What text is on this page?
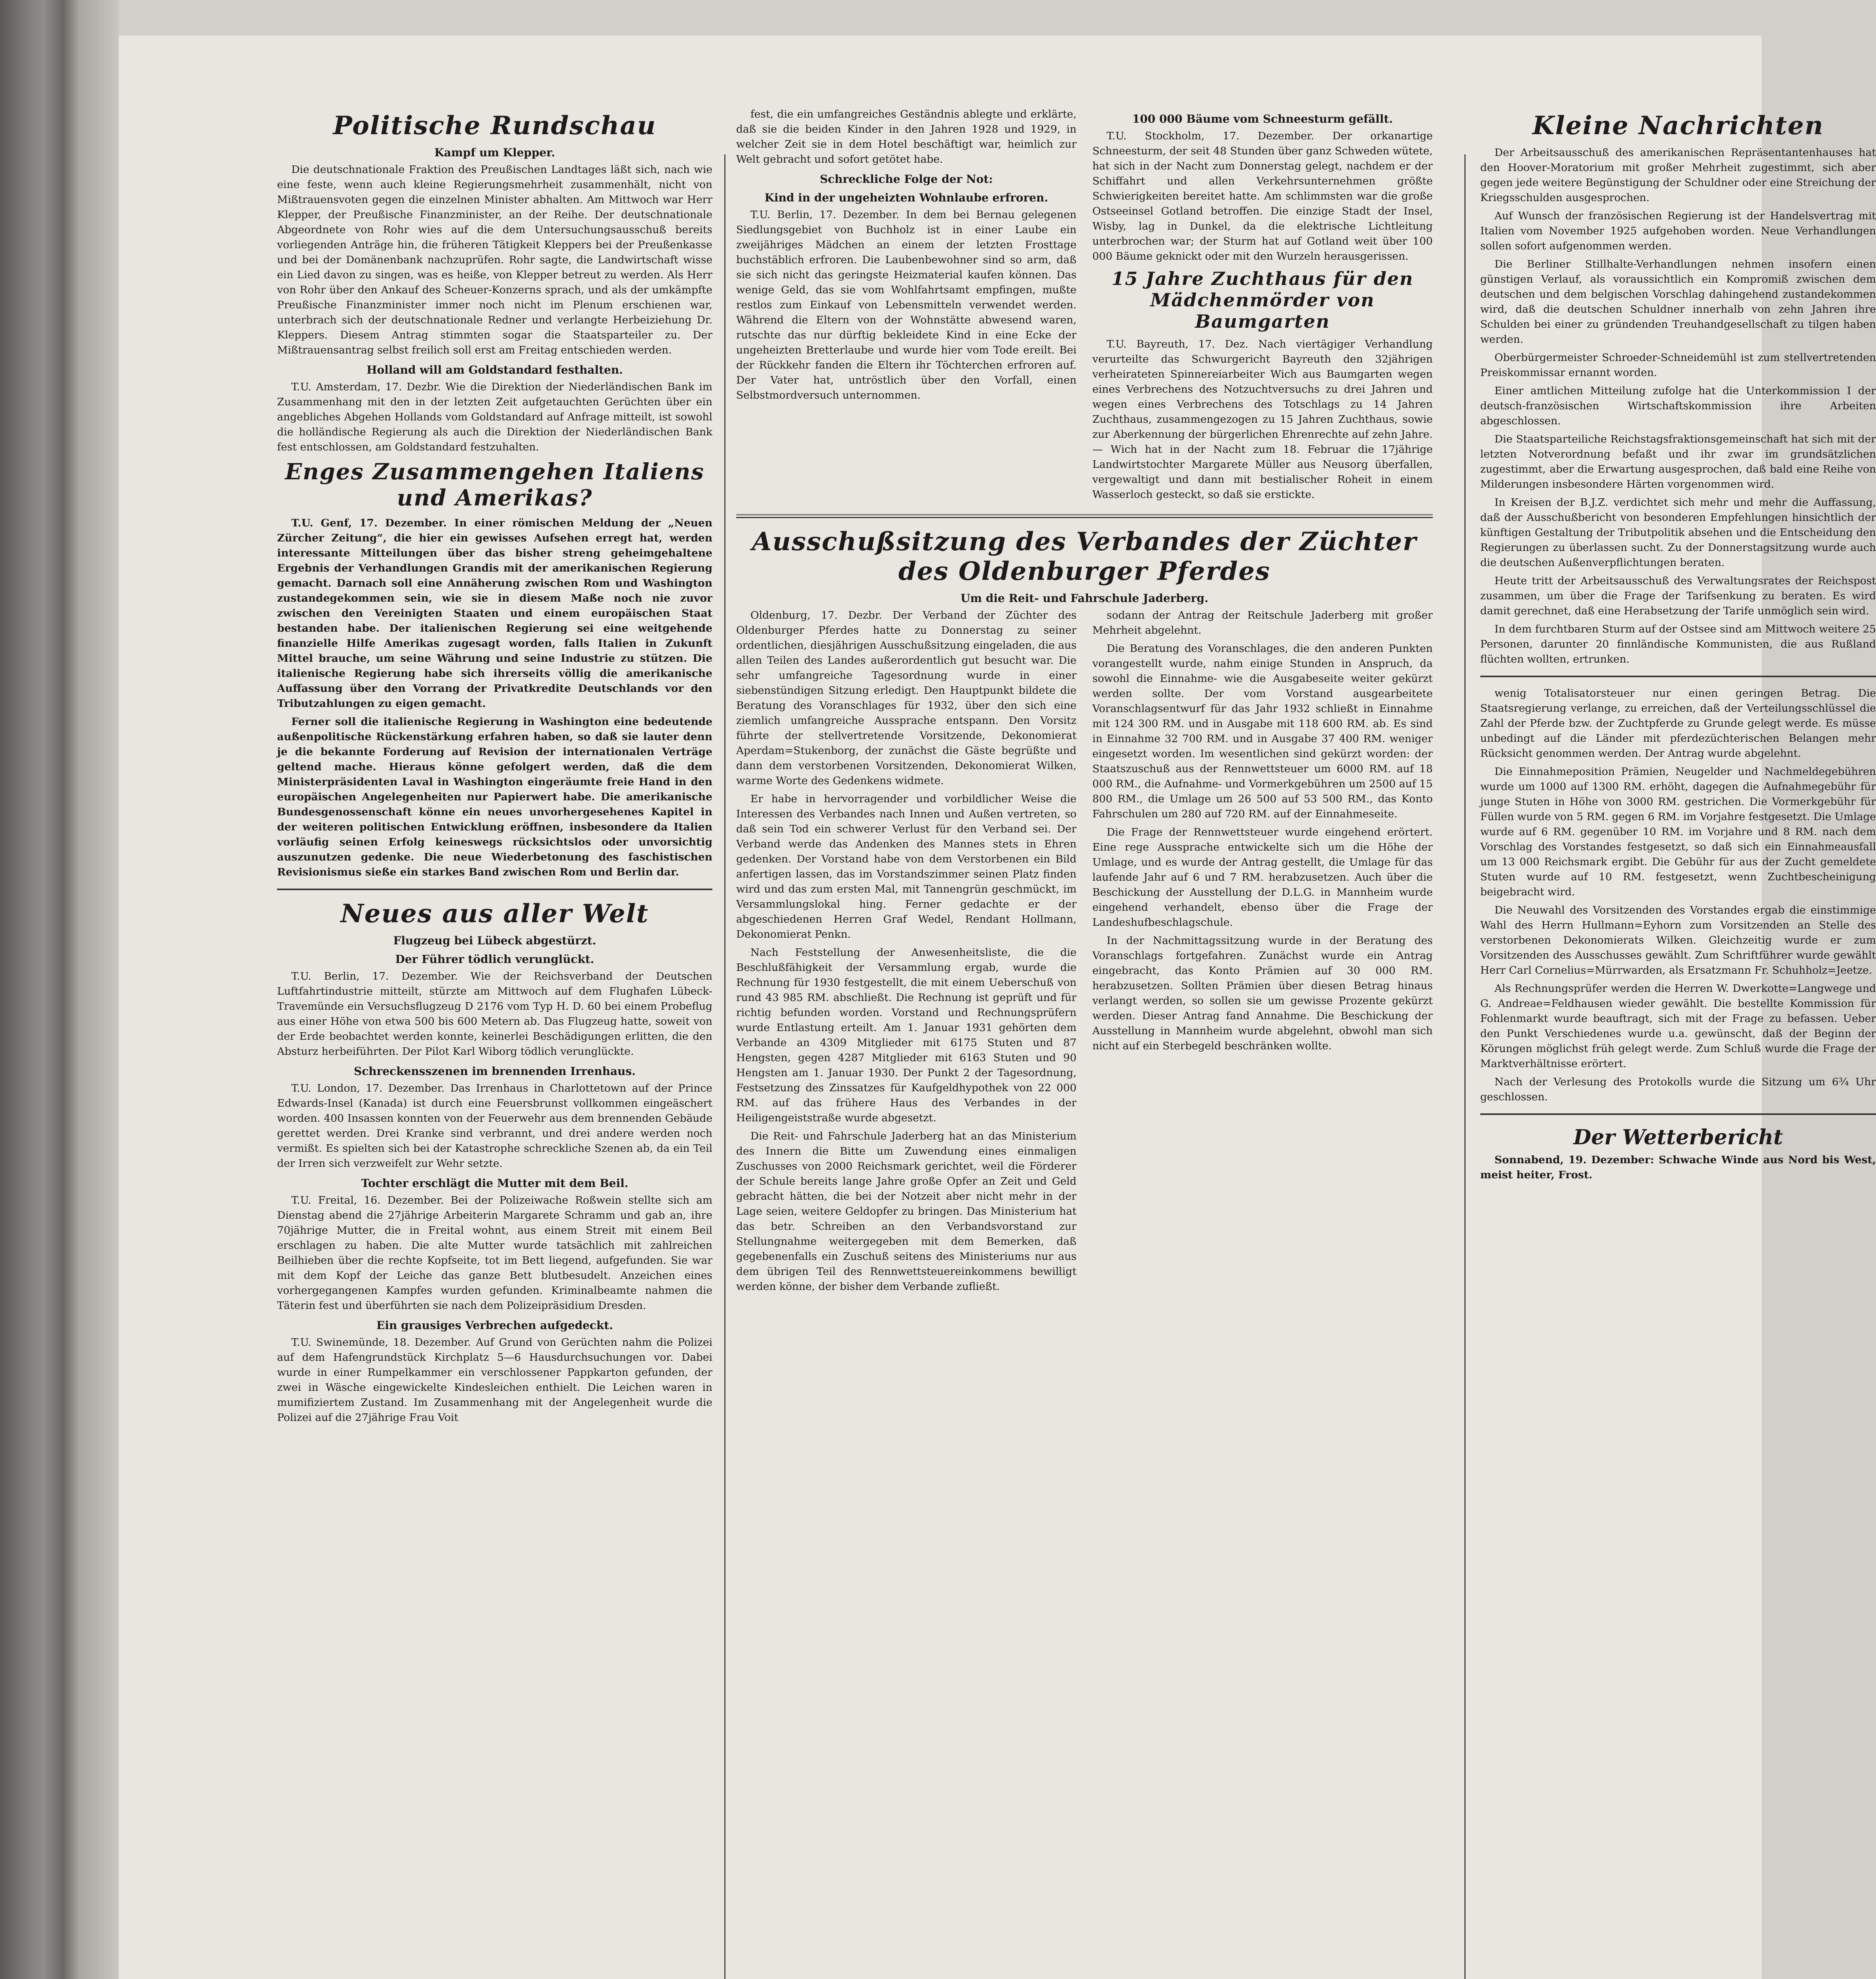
Politische Rundschau
Kampf um Klepper.

Die deutschnationale Fraktion des Preußischen Landtages läßt sich, nach wie eine feste, wenn auch kleine Regierungsmehrheit zusammenhält, nicht von Mißtrauensvoten gegen die einzelnen Minister abhalten. Am Mittwoch war Herr Klepper, der Preußische Finanzminister, an der Reihe. Der deutschnationale Abgeordnete von Rohr wies auf die dem Untersuchungsausschuß bereits vorliegenden Anträge hin, die früheren Tätigkeit Kleppers bei der Preußenkasse und bei der Domänenbank nachzuprüfen. Rohr sagte, die Landwirtschaft wisse ein Lied davon zu singen, was es heiße, von Klepper betreut zu werden. Als Herr von Rohr über den Ankauf des Scheuer-Konzerns sprach, und als der umkämpfte Preußische Finanzminister immer noch nicht im Plenum erschienen war, unterbrach sich der deutschnationale Redner und verlangte Herbeiziehung Dr. Kleppers. Diesem Antrag stimmten sogar die Staatsparteiler zu. Der Mißtrauensantrag selbst freilich soll erst am Freitag entschieden werden.

Holland will am Goldstandard festhalten.

T.U. Amsterdam, 17. Dezbr. Wie die Direktion der Niederländischen Bank im Zusammenhang mit den in der letzten Zeit aufgetauchten Gerüchten über ein angebliches Abgehen Hollands vom Goldstandard auf Anfrage mitteilt, ist sowohl die holländische Regierung als auch die Direktion der Niederländischen Bank fest entschlossen, am Goldstandard festzuhalten.

Enges Zusammengehen Italiens und Amerikas?

T.U. Genf, 17. Dezember. In einer römischen Meldung der „Neuen Zürcher Zeitung“, die hier ein gewisses Aufsehen erregt hat, werden interessante Mitteilungen über das bisher streng geheimgehaltene Ergebnis der Verhandlungen Grandis mit der amerikanischen Regierung gemacht. Darnach soll eine Annäherung zwischen Rom und Washington zustandegekommen sein, wie sie in diesem Maße noch nie zuvor zwischen den Vereinigten Staaten und einem europäischen Staat bestanden habe. Der italienischen Regierung sei eine weitgehende finanzielle Hilfe Amerikas zugesagt worden, falls Italien in Zukunft Mittel brauche, um seine Währung und seine Industrie zu stützen. Die italienische Regierung habe sich ihrerseits völlig die amerikanische Auffassung über den Vorrang der Privatkredite Deutschlands vor den Tributzahlungen zu eigen gemacht.

Ferner soll die italienische Regierung in Washington eine bedeutende außenpolitische Rückenstärkung erfahren haben, so daß sie lauter denn je die bekannte Forderung auf Revision der internationalen Verträge geltend mache. Hieraus könne gefolgert werden, daß die dem Ministerpräsidenten Laval in Washington eingeräumte freie Hand in den europäischen Angelegenheiten nur Papierwert habe. Die amerikanische Bundesgenossenschaft könne ein neues unvorhergesehenes Kapitel in der weiteren politischen Entwicklung eröffnen, insbesondere da Italien vorläufig seinen Erfolg keineswegs rücksichtslos oder unvorsichtig auszunutzen gedenke. Die neue Wiederbetonung des faschistischen Revisionismus sieße ein starkes Band zwischen Rom und Berlin dar.

Neues aus aller Welt
Flugzeug bei Lübeck abgestürzt.
Der Führer tödlich verunglückt.

T.U. Berlin, 17. Dezember. Wie der Reichsverband der Deutschen Luftfahrtindustrie mitteilt, stürzte am Mittwoch auf dem Flughafen Lübeck-Travemünde ein Versuchsflugzeug D 2176 vom Typ H. D. 60 bei einem Probeflug aus einer Höhe von etwa 500 bis 600 Metern ab. Das Flugzeug hatte, soweit von der Erde beobachtet werden konnte, keinerlei Beschädigungen erlitten, die den Absturz herbeiführten. Der Pilot Karl Wiborg tödlich verunglückte.

Schreckensszenen im brennenden Irrenhaus.

T.U. London, 17. Dezember. Das Irrenhaus in Charlottetown auf der Prince Edwards-Insel (Kanada) ist durch eine Feuersbrunst vollkommen eingeäschert worden. 400 Insassen konnten von der Feuerwehr aus dem brennenden Gebäude gerettet werden. Drei Kranke sind verbrannt, und drei andere werden noch vermißt. Es spielten sich bei der Katastrophe schreckliche Szenen ab, da ein Teil der Irren sich verzweifelt zur Wehr setzte.

Tochter erschlägt die Mutter mit dem Beil.

T.U. Freital, 16. Dezember. Bei der Polizeiwache Roßwein stellte sich am Dienstag abend die 27jährige Arbeiterin Margarete Schramm und gab an, ihre 70jährige Mutter, die in Freital wohnt, aus einem Streit mit einem Beil erschlagen zu haben. Die alte Mutter wurde tatsächlich mit zahlreichen Beilhieben über die rechte Kopfseite, tot im Bett liegend, aufgefunden. Sie war mit dem Kopf der Leiche das ganze Bett blutbesudelt. Anzeichen eines vorhergegangenen Kampfes wurden gefunden. Kriminalbeamte nahmen die Täterin fest und überführten sie nach dem Polizeipräsidium Dresden.

Ein grausiges Verbrechen aufgedeckt.

T.U. Swinemünde, 18. Dezember. Auf Grund von Gerüchten nahm die Polizei auf dem Hafengrundstück Kirchplatz 5—6 Hausdurchsuchungen vor. Dabei wurde in einer Rumpelkammer ein verschlossener Pappkarton gefunden, der zwei in Wäsche eingewickelte Kindesleichen enthielt. Die Leichen waren in mumifiziertem Zustand. Im Zusammenhang mit der Angelegenheit wurde die Polizei auf die 27jährige Frau Voit

fest, die ein umfangreiches Geständnis ablegte und erklärte, daß sie die beiden Kinder in den Jahren 1928 und 1929, in welcher Zeit sie in dem Hotel beschäftigt war, heimlich zur Welt gebracht und sofort getötet habe.

Schreckliche Folge der Not:
Kind in der ungeheizten Wohnlaube erfroren.

T.U. Berlin, 17. Dezember. In dem bei Bernau gelegenen Siedlungsgebiet von Buchholz ist in einer Laube ein zweijähriges Mädchen an einem der letzten Frosttage buchstäblich erfroren. Die Laubenbewohner sind so arm, daß sie sich nicht das geringste Heizmaterial kaufen können. Das wenige Geld, das sie vom Wohlfahrtsamt empfingen, mußte restlos zum Einkauf von Lebensmitteln verwendet werden. Während die Eltern von der Wohnstätte abwesend waren, rutschte das nur dürftig bekleidete Kind in eine Ecke der ungeheizten Bretterlaube und wurde hier vom Tode ereilt. Bei der Rückkehr fanden die Eltern ihr Töchterchen erfroren auf. Der Vater hat, untröstlich über den Vorfall, einen Selbstmordversuch unternommen.

100 000 Bäume vom Schneesturm gefällt.

T.U. Stockholm, 17. Dezember. Der orkanartige Schneesturm, der seit 48 Stunden über ganz Schweden wütete, hat sich in der Nacht zum Donnerstag gelegt, nachdem er der Schiffahrt und allen Verkehrsunternehmen größte Schwierigkeiten bereitet hatte. Am schlimmsten war die große Ostseeinsel Gotland betroffen. Die einzige Stadt der Insel, Wisby, lag in Dunkel, da die elektrische Lichtleitung unterbrochen war; der Sturm hat auf Gotland weit über 100 000 Bäume geknickt oder mit den Wurzeln herausgerissen.

15 Jahre Zuchthaus für den Mädchenmörder von Baumgarten

T.U. Bayreuth, 17. Dez. Nach viertägiger Verhandlung verurteilte das Schwurgericht Bayreuth den 32jährigen verheirateten Spinnereiarbeiter Wich aus Baumgarten wegen eines Verbrechens des Notzuchtversuchs zu drei Jahren und wegen eines Verbrechens des Totschlags zu 14 Jahren Zuchthaus, zusammengezogen zu 15 Jahren Zuchthaus, sowie zur Aberkennung der bürgerlichen Ehrenrechte auf zehn Jahre. — Wich hat in der Nacht zum 18. Februar die 17jährige Landwirtstochter Margarete Müller aus Neusorg überfallen, vergewaltigt und dann mit bestialischer Roheit in einem Wasserloch gesteckt, so daß sie erstickte.

Ausschußsitzung des Verbandes der Züchter des Oldenburger Pferdes
Um die Reit- und Fahrschule Jaderberg.

Oldenburg, 17. Dezbr. Der Verband der Züchter des Oldenburger Pferdes hatte zu Donnerstag zu seiner ordentlichen, diesjährigen Ausschußsitzung eingeladen, die aus allen Teilen des Landes außerordentlich gut besucht war. Die sehr umfangreiche Tagesordnung wurde in einer siebenstündigen Sitzung erledigt. Den Hauptpunkt bildete die Beratung des Voranschlages für 1932, über den sich eine ziemlich umfangreiche Aussprache entspann. Den Vorsitz führte der stellvertretende Vorsitzende, Dekonomierat Aperdam=Stukenborg, der zunächst die Gäste begrüßte und dann dem verstorbenen Vorsitzenden, Dekonomierat Wilken, warme Worte des Gedenkens widmete.

Er habe in hervorragender und vorbildlicher Weise die Interessen des Verbandes nach Innen und Außen vertreten, so daß sein Tod ein schwerer Verlust für den Verband sei. Der Verband werde das Andenken des Mannes stets in Ehren gedenken. Der Vorstand habe von dem Verstorbenen ein Bild anfertigen lassen, das im Vorstandszimmer seinen Platz finden wird und das zum ersten Mal, mit Tannengrün geschmückt, im Versammlungslokal hing. Ferner gedachte er der abgeschiedenen Herren Graf Wedel, Rendant Hollmann, Dekonomierat Penkn.

Nach Feststellung der Anwesenheitsliste, die die Beschlußfähigkeit der Versammlung ergab, wurde die Rechnung für 1930 festgestellt, die mit einem Ueberschuß von rund 43 985 RM. abschließt. Die Rechnung ist geprüft und für richtig befunden worden. Vorstand und Rechnungsprüfern wurde Entlastung erteilt. Am 1. Januar 1931 gehörten dem Verbande an 4309 Mitglieder mit 6175 Stuten und 87 Hengsten, gegen 4287 Mitglieder mit 6163 Stuten und 90 Hengsten am 1. Januar 1930. Der Punkt 2 der Tagesordnung, Festsetzung des Zinssatzes für Kaufgeldhypothek von 22 000 RM. auf das frühere Haus des Verbandes in der Heiligengeiststraße wurde abgesetzt.

Die Reit- und Fahrschule Jaderberg hat an das Ministerium des Innern die Bitte um Zuwendung eines einmaligen Zuschusses von 2000 Reichsmark gerichtet, weil die Förderer der Schule bereits lange Jahre große Opfer an Zeit und Geld gebracht hätten, die bei der Notzeit aber nicht mehr in der Lage seien, weitere Geldopfer zu bringen. Das Ministerium hat das betr. Schreiben an den Verbandsvorstand zur Stellungnahme weitergegeben mit dem Bemerken, daß gegebenenfalls ein Zuschuß seitens des Ministeriums nur aus dem übrigen Teil des Rennwettsteuereinkommens bewilligt werden könne, der bisher dem Verbande zufließt.

sodann der Antrag der Reitschule Jaderberg mit großer Mehrheit abgelehnt.

Die Beratung des Voranschlages, die den anderen Punkten vorangestellt wurde, nahm einige Stunden in Anspruch, da sowohl die Einnahme- wie die Ausgabeseite weiter gekürzt werden sollte. Der vom Vorstand ausgearbeitete Voranschlagsentwurf für das Jahr 1932 schließt in Einnahme mit 124 300 RM. und in Ausgabe mit 118 600 RM. ab. Es sind in Einnahme 32 700 RM. und in Ausgabe 37 400 RM. weniger eingesetzt worden. Im wesentlichen sind gekürzt worden: der Staatszuschuß aus der Rennwettsteuer um 6000 RM. auf 18 000 RM., die Aufnahme- und Vormerkgebühren um 2500 auf 15 800 RM., die Umlage um 26 500 auf 53 500 RM., das Konto Fahrschulen um 280 auf 720 RM. auf der Einnahmeseite.

Die Frage der Rennwettsteuer wurde eingehend erörtert. Eine rege Aussprache entwickelte sich um die Höhe der Umlage, und es wurde der Antrag gestellt, die Umlage für das laufende Jahr auf 6 und 7 RM. herabzusetzen. Auch über die Beschickung der Ausstellung der D.L.G. in Mannheim wurde eingehend verhandelt, ebenso über die Frage der Landeshufbeschlagschule.

In der Nachmittagssitzung wurde in der Beratung des Voranschlags fortgefahren. Zunächst wurde ein Antrag eingebracht, das Konto Prämien auf 30 000 RM. herabzusetzen. Sollten Prämien über diesen Betrag hinaus verlangt werden, so sollen sie um gewisse Prozente gekürzt werden. Dieser Antrag fand Annahme. Die Beschickung der Ausstellung in Mannheim wurde abgelehnt, obwohl man sich nicht auf ein Sterbegeld beschränken wollte.

Kleine Nachrichten

Der Arbeitsausschuß des amerikanischen Repräsentantenhauses hat den Hoover-Moratorium mit großer Mehrheit zugestimmt, sich aber gegen jede weitere Begünstigung der Schuldner oder eine Streichung der Kriegsschulden ausgesprochen.

Auf Wunsch der französischen Regierung ist der Handelsvertrag mit Italien vom November 1925 aufgehoben worden. Neue Verhandlungen sollen sofort aufgenommen werden.

Die Berliner Stillhalte-Verhandlungen nehmen insofern einen günstigen Verlauf, als voraussichtlich ein Kompromiß zwischen dem deutschen und dem belgischen Vorschlag dahingehend zustandekommen wird, daß die deutschen Schuldner innerhalb von zehn Jahren ihre Schulden bei einer zu gründenden Treuhandgesellschaft zu tilgen haben werden.

Oberbürgermeister Schroeder-Schneidemühl ist zum stellvertretenden Preiskommissar ernannt worden.

Einer amtlichen Mitteilung zufolge hat die Unterkommission I der deutsch-französischen Wirtschaftskommission ihre Arbeiten abgeschlossen.

Die Staatsparteiliche Reichstagsfraktionsgemeinschaft hat sich mit der letzten Notverordnung befaßt und ihr zwar im grundsätzlichen zugestimmt, aber die Erwartung ausgesprochen, daß bald eine Reihe von Milderungen insbesondere Härten vorgenommen wird.

In Kreisen der B.J.Z. verdichtet sich mehr und mehr die Auffassung, daß der Ausschußbericht von besonderen Empfehlungen hinsichtlich der künftigen Gestaltung der Tributpolitik absehen und die Entscheidung den Regierungen zu überlassen sucht. Zu der Donnerstagsitzung wurde auch die deutschen Außenverpflichtungen beraten.

Heute tritt der Arbeitsausschuß des Verwaltungsrates der Reichspost zusammen, um über die Frage der Tarifsenkung zu beraten. Es wird damit gerechnet, daß eine Herabsetzung der Tarife unmöglich sein wird.

In dem furchtbaren Sturm auf der Ostsee sind am Mittwoch weitere 25 Personen, darunter 20 finnländische Kommunisten, die aus Rußland flüchten wollten, ertrunken.

wenig Totalisatorsteuer nur einen geringen Betrag. Die Staatsregierung verlange, zu erreichen, daß der Verteilungsschlüssel die Zahl der Pferde bzw. der Zuchtpferde zu Grunde gelegt werde. Es müsse unbedingt auf die Länder mit pferdezüchterischen Belangen mehr Rücksicht genommen werden. Der Antrag wurde abgelehnt.

Die Einnahmeposition Prämien, Neugelder und Nachmeldegebühren wurde um 1000 auf 1300 RM. erhöht, dagegen die Aufnahmegebühr für junge Stuten in Höhe von 3000 RM. gestrichen. Die Vormerkgebühr für Füllen wurde von 5 RM. gegen 6 RM. im Vorjahre festgesetzt. Die Umlage wurde auf 6 RM. gegenüber 10 RM. im Vorjahre und 8 RM. nach dem Vorschlag des Vorstandes festgesetzt, so daß sich ein Einnahmeausfall um 13 000 Reichsmark ergibt. Die Gebühr für aus der Zucht gemeldete Stuten wurde auf 10 RM. festgesetzt, wenn Zuchtbescheinigung beigebracht wird.

Die Neuwahl des Vorsitzenden des Vorstandes ergab die einstimmige Wahl des Herrn Hullmann=Eyhorn zum Vorsitzenden an Stelle des verstorbenen Dekonomierats Wilken. Gleichzeitig wurde er zum Vorsitzenden des Ausschusses gewählt. Zum Schriftführer wurde gewählt Herr Carl Cornelius=Mürrwarden, als Ersatzmann Fr. Schuhholz=Jeetze.

Als Rechnungsprüfer werden die Herren W. Dwerkotte=Langwege und G. Andreae=Feldhausen wieder gewählt. Die bestellte Kommission für Fohlenmarkt wurde beauftragt, sich mit der Frage zu befassen. Ueber den Punkt Verschiedenes wurde u.a. gewünscht, daß der Beginn der Körungen möglichst früh gelegt werde. Zum Schluß wurde die Frage der Marktverhältnisse erörtert.

Nach der Verlesung des Protokolls wurde die Sitzung um 6¾ Uhr geschlossen.

Der Wetterbericht

Sonnabend, 19. Dezember: Schwache Winde aus Nord bis West, meist heiter, Frost.
